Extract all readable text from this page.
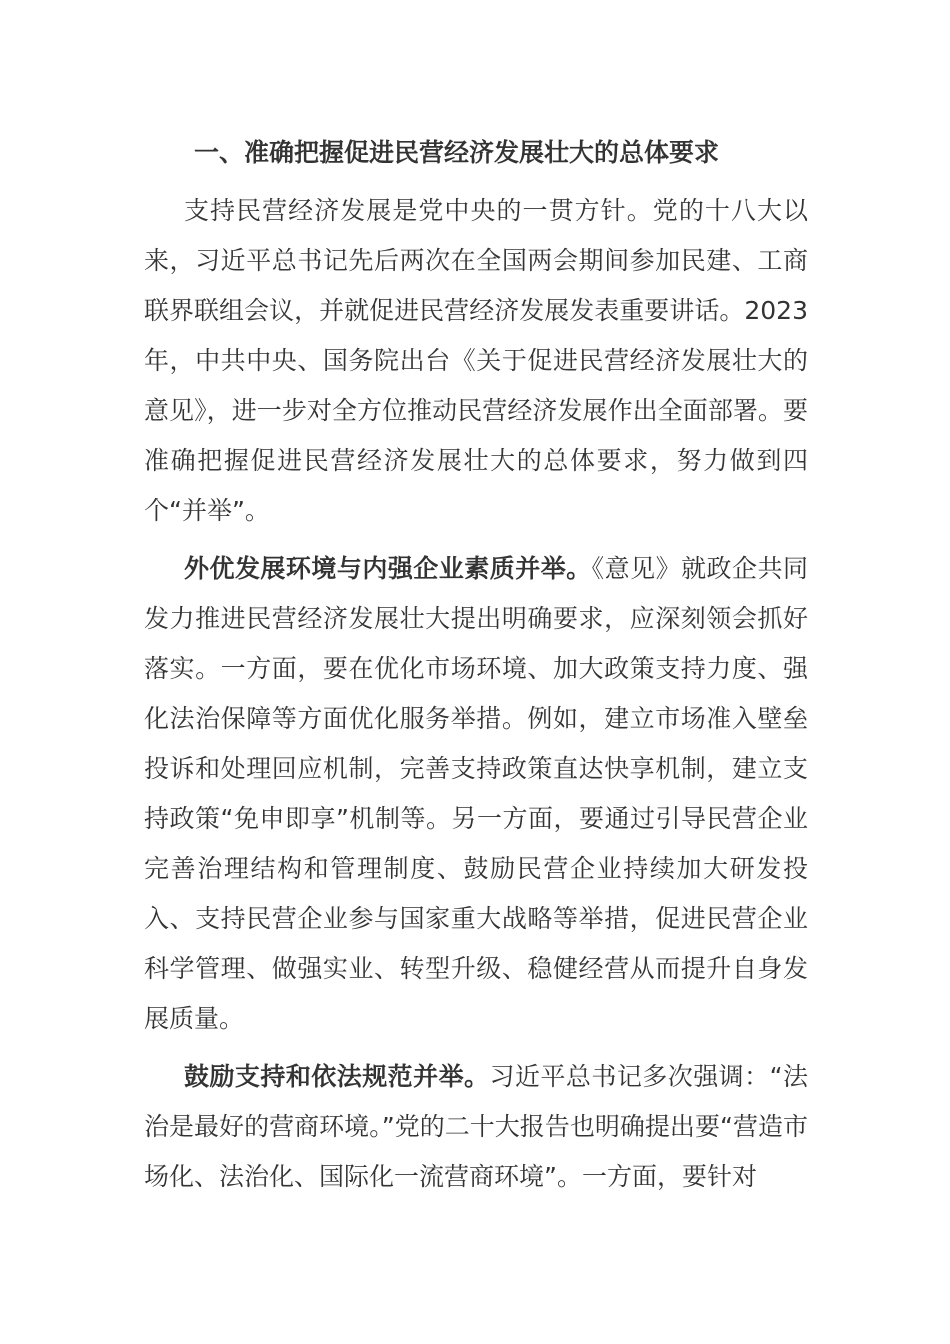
一、准确把握促进民营经济发展壮大的总体要求

支持民营经济发展是党中央的一贯方针。党的十八大以来，习近平总书记先后两次在全国两会期间参加民建、工商联界联组会议，并就促进民营经济发展发表重要讲话。2023年，中共中央、国务院出台《关于促进民营经济发展壮大的意见》，进一步对全方位推动民营经济发展作出全面部署。要准确把握促进民营经济发展壮大的总体要求，努力做到四个“并举”。

外优发展环境与内强企业素质并举。《意见》就政企共同发力推进民营经济发展壮大提出明确要求，应深刻领会抓好落实。一方面，要在优化市场环境、加大政策支持力度、强化法治保障等方面优化服务举措。例如，建立市场准入壁垒投诉和处理回应机制，完善支持政策直达快享机制，建立支持政策“免申即享”机制等。另一方面，要通过引导民营企业完善治理结构和管理制度、鼓励民营企业持续加大研发投入、支持民营企业参与国家重大战略等举措，促进民营企业科学管理、做强实业、转型升级、稳健经营从而提升自身发展质量。

鼓励支持和依法规范并举。习近平总书记多次强调：“法治是最好的营商环境。”党的二十大报告也明确提出要“营造市场化、法治化、国际化一流营商环境”。一方面，要针对
